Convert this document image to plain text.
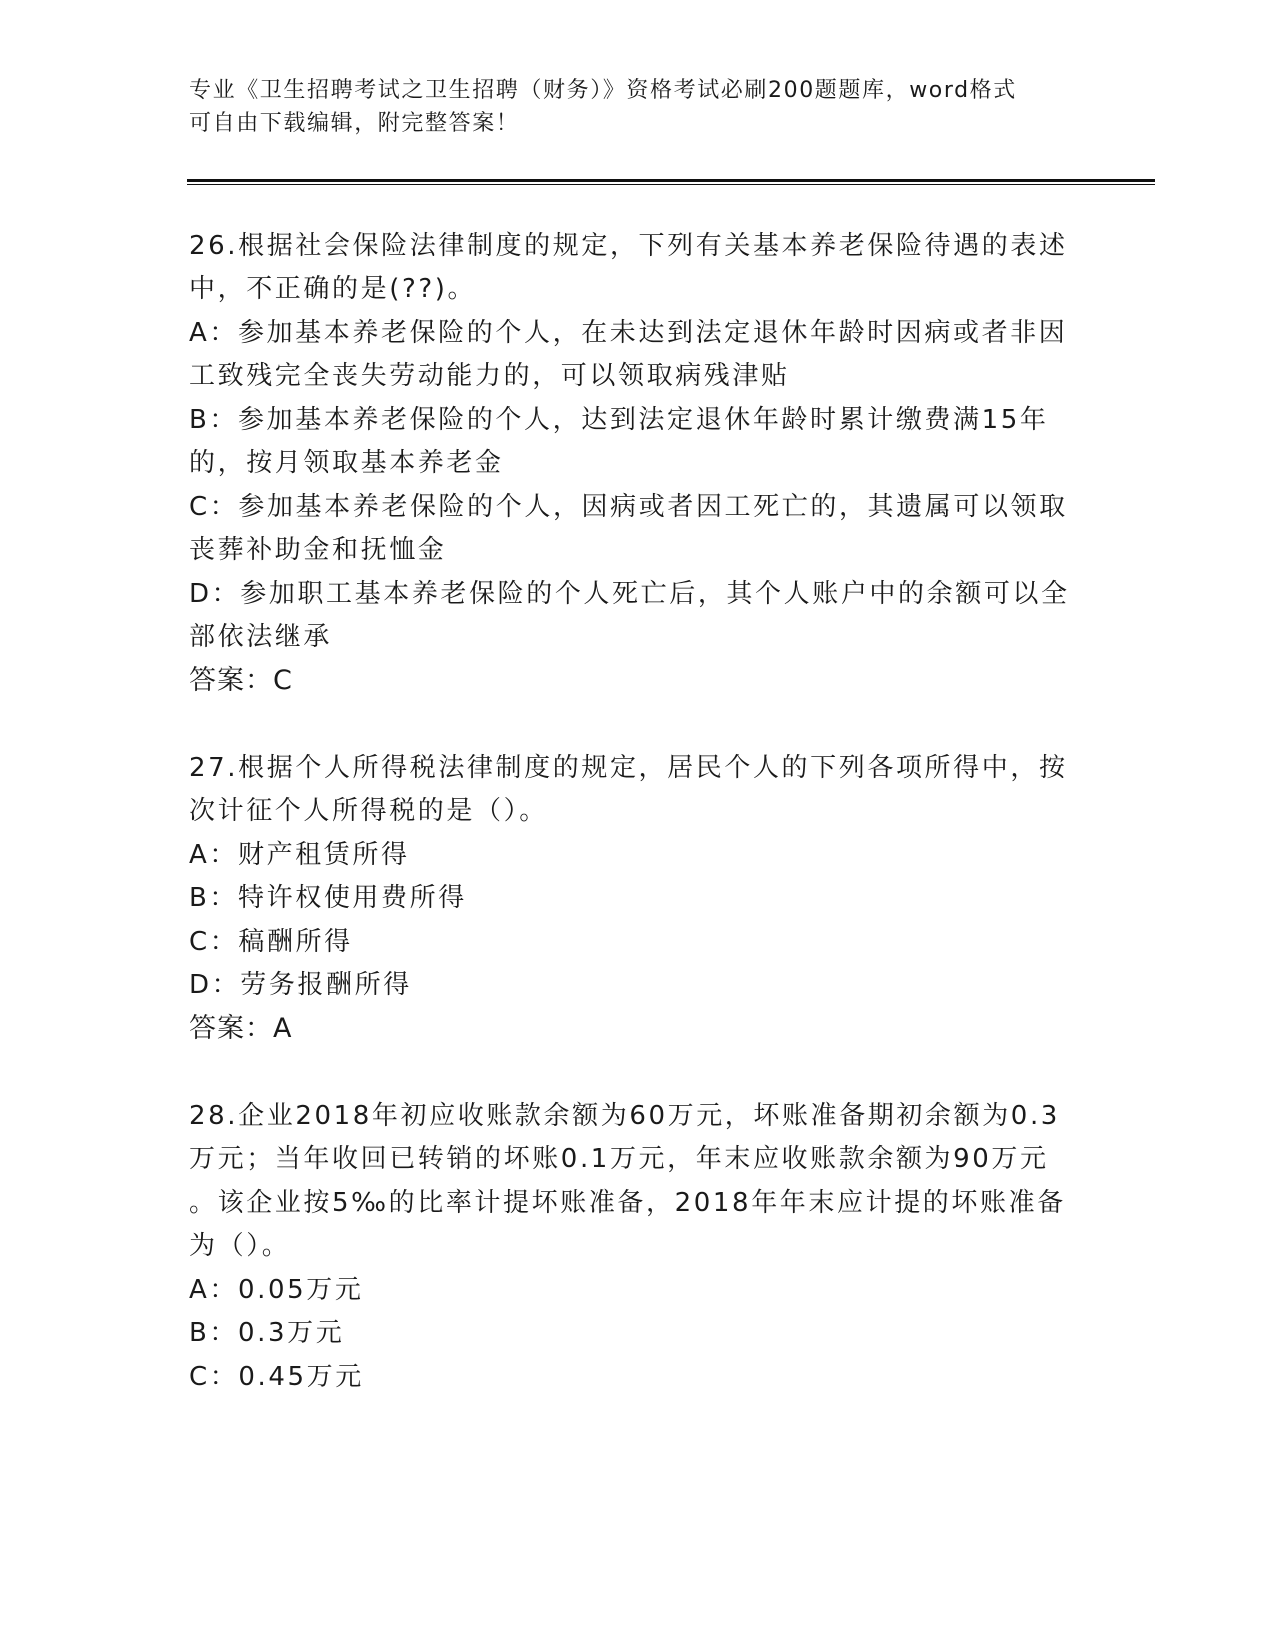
专业《卫生招聘考试之卫生招聘（财务）》资格考试必刷200题题库，word格式
可自由下载编辑，附完整答案！
26.根据社会保险法律制度的规定，下列有关基本养老保险待遇的表述
中，不正确的是(??)。
A：参加基本养老保险的个人，在未达到法定退休年龄时因病或者非因
工致残完全丧失劳动能力的，可以领取病残津贴
B：参加基本养老保险的个人，达到法定退休年龄时累计缴费满15年
的，按月领取基本养老金
C：参加基本养老保险的个人，因病或者因工死亡的，其遗属可以领取
丧葬补助金和抚恤金
D：参加职工基本养老保险的个人死亡后，其个人账户中的余额可以全
部依法继承
答案：C
27.根据个人所得税法律制度的规定，居民个人的下列各项所得中，按
次计征个人所得税的是（）。
A：财产租赁所得
B：特许权使用费所得
C：稿酬所得
D：劳务报酬所得
答案：A
28.企业2018年初应收账款余额为60万元，坏账准备期初余额为0.3
万元；当年收回已转销的坏账0.1万元，年末应收账款余额为90万元
。该企业按5‰的比率计提坏账准备，2018年年末应计提的坏账准备
为（）。
A：0.05万元
B：0.3万元
C：0.45万元
